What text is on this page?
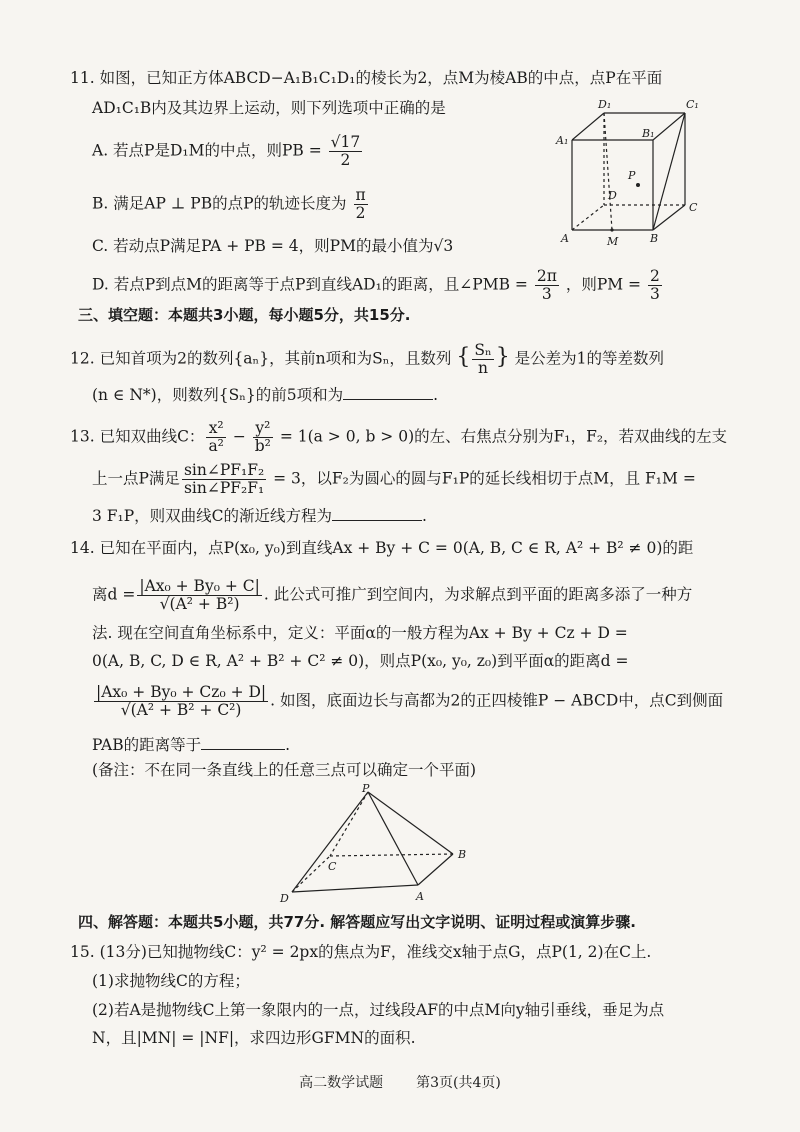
11. 如图，已知正方体ABCD−A₁B₁C₁D₁的棱长为2，点M为棱AB的中点，点P在平面
AD₁C₁B内及其边界上运动，则下列选项中正确的是
A. 若点P是D₁M的中点，则PB = $\frac{√17}{2}$
B. 满足AP ⊥ PB的点P的轨迹长度为 $\frac{\pi}{2}$
C. 若动点P满足PA + PB = 4，则PM的最小值为√3
D. 若点P到点M的距离等于点P到直线AD₁的距离，且∠PMB = $\frac{2\pi}{3}$ ，则PM = $\frac{2}{3}$
D₁	C₁
A₁
B₁
P
D
C
A	M	B
三、填空题：本题共3小题，每小题5分，共15分.
12. 已知首项为2的数列{aₙ}，其前n项和为Sₙ，且数列 { $\frac{\text{Sₙ}}{n}$ } 是公差为1的等差数列
(n ∈ N*)，则数列{Sₙ}的前5项和为	.
13. 已知双曲线C： $\frac{\text{x²}}{\text{a²}} - \frac{\text{y²}}{\text{b²}} = 1(a > 0$, b > 0)的左、右焦点分别为F₁，F₂，若双曲线的左支
上一点P满足 $\frac{\text{sin∠PF₁F₂}}{\text{sin∠PF₂F₁}} = 3$，以F₂为圆心的圆与F₁P的延长线相切于点M，且 F₁M =
3 F₁P，则双曲线C的渐近线方程为	.
14. 已知在平面内，点P(x₀, y₀)到直线Ax + By + C = 0(A, B, C ∈ R, A² + B² ≠ 0)的距
离$d = \frac{\text{|Ax₀ + By₀ + C|}}{\text{√(A² + B²)}}$ . 此公式可推广到空间内，为求解点到平面的距离多添了一种方
法. 现在空间直角坐标系中，定义：平面α的一般方程为Ax + By + Cz + D =
0(A, B, C, D ∈ R, A² + B² + C² ≠ 0)，则点P(x₀, y₀, z₀)到平面α的距离d =
$\frac{\text{|Ax₀ + By₀ + Cz₀ + D|}}{\text{√(A² + B² + C²)}}$ . 如图，底面边长与高都为2的正四棱锥P − ABCD中，点C到侧面
PAB的距离等于	.
(备注：不在同一条直线上的任意三点可以确定一个平面)
P
B
C
D	A
四、解答题：本题共5小题，共77分. 解答题应写出文字说明、证明过程或演算步骤.
15. (13分)已知抛物线C：y² = 2px的焦点为F，准线交x轴于点G，点P(1, 2)在C上.
(1)求抛物线C的方程；
(2)若A是抛物线C上第一象限内的一点，过线段AF的中点M向y轴引垂线，垂足为点
N，且|MN| = |NF|，求四边形GFMN的面积.
高二数学试题 第3页(共4页)
